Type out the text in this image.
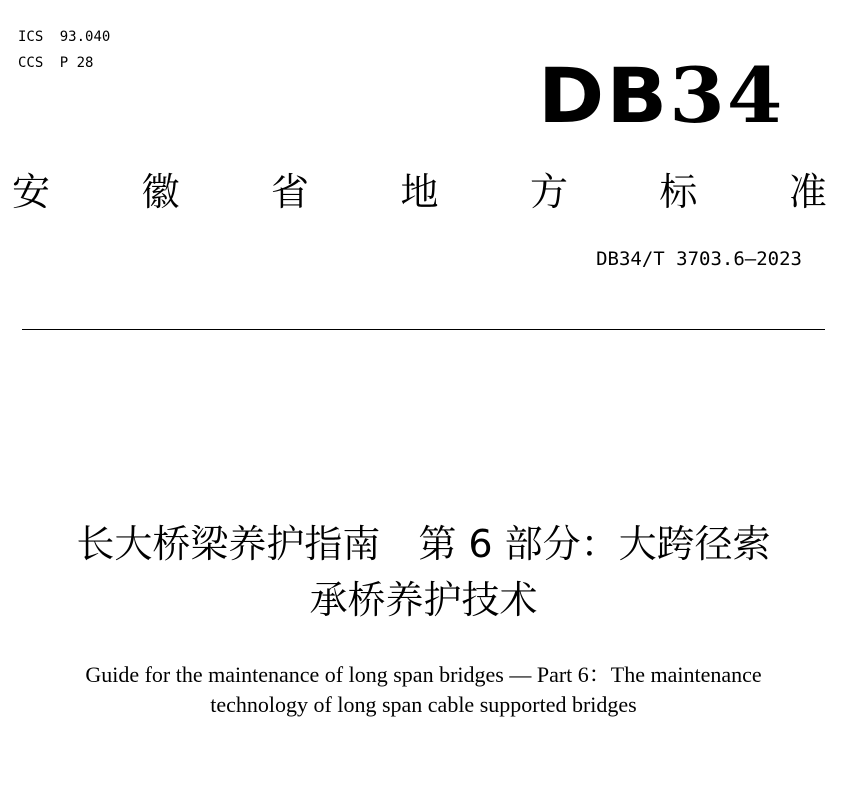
ICS 93.040
CCS P 28	DB34
安 徽 省 地 方 标 准
DB34/T 3703.6—2023
长大桥梁养护指南　第 6 部分：大跨径索
承桥养护技术
Guide for the maintenance of long span bridges — Part 6：The maintenance
technology of long span cable supported bridges
